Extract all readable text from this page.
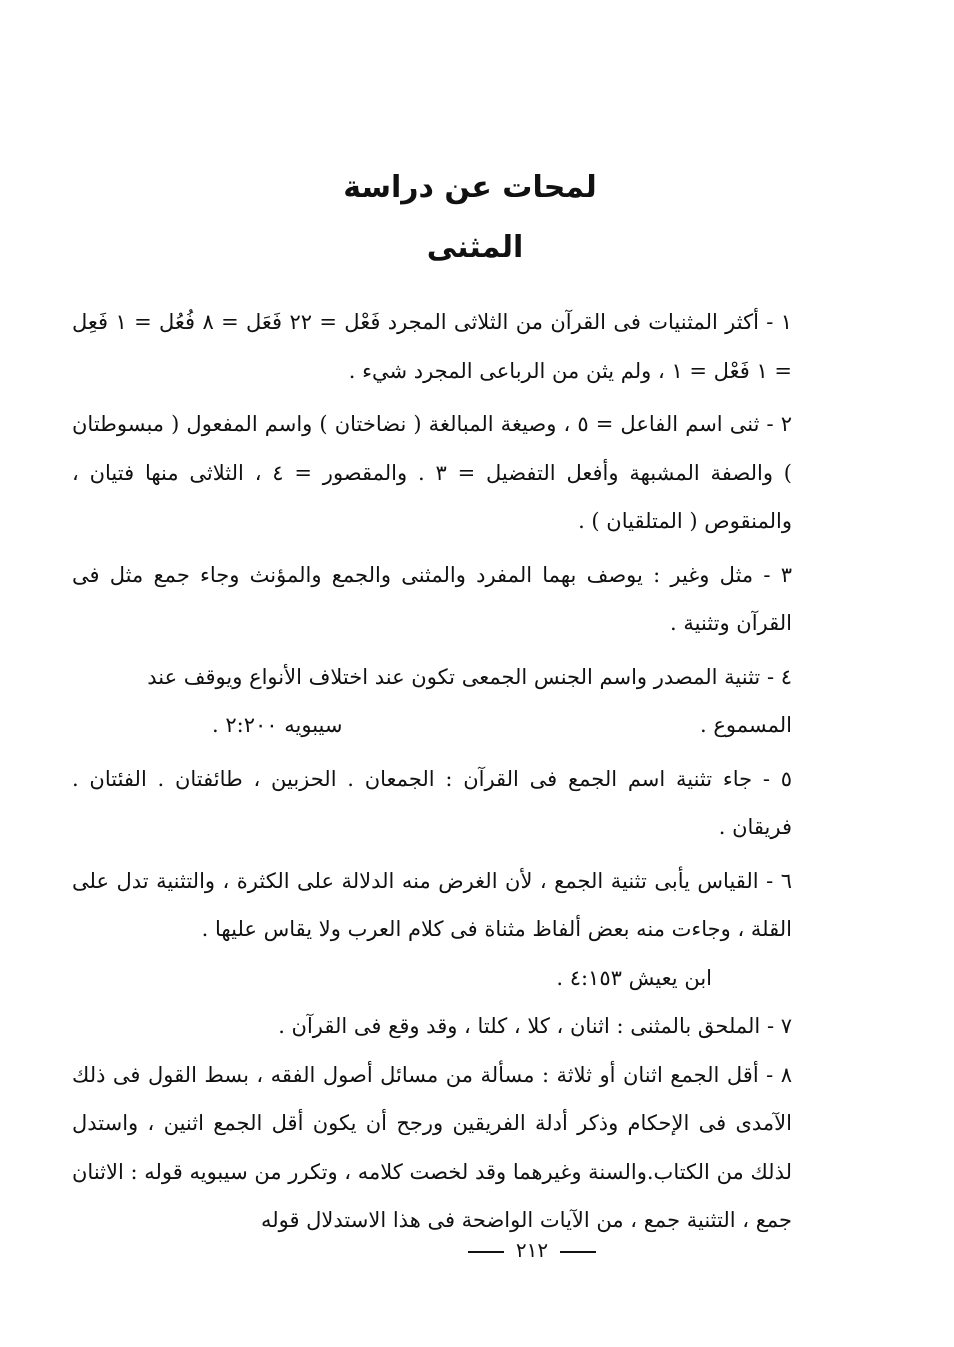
لمحات عن دراسة
المثنى

١ - أكثر المثنيات فى القرآن من الثلاثى المجرد فَعْل = ٢٢ فَعَل = ٨ فُعُل = ١ فَعِل = ١ فَعْل = ١ ، ولم يثن من الرباعى المجرد شيء .

٢ - ثنى اسم الفاعل = ٥ ، وصيغة المبالغة ( نضاختان ) واسم المفعول ( مبسوطتان ) والصفة المشبهة وأفعل التفضيل = ٣ . والمقصور = ٤ ، الثلاثى منها فتيان ، والمنقوص ( المتلقيان ) .

٣ - مثل وغير : يوصف بهما المفرد والمثنى والجمع والمؤنث وجاء جمع مثل فى القرآن وتثنية .

٤ - تثنية المصدر واسم الجنس الجمعى تكون عند اختلاف الأنواع ويوقف عند
المسموع .
سيبويه ٢:٢٠٠ .

٥ - جاء تثنية اسم الجمع فى القرآن : الجمعان . الحزبين ، طائفتان . الفئتان . فريقان .

٦ - القياس يأبى تثنية الجمع ، لأن الغرض منه الدلالة على الكثرة ، والتثنية تدل على القلة ، وجاءت منه بعض ألفاظ مثناة فى كلام العرب ولا يقاس عليها .
ابن يعيش ٤:١٥٣ .

٧ - الملحق بالمثنى : اثنان ، كلا ، كلتا ، وقد وقع فى القرآن .

٨ - أقل الجمع اثنان أو ثلاثة : مسألة من مسائل أصول الفقه ، بسط القول فى ذلك الآمدى فى الإحكام وذكر أدلة الفريقين ورجح أن يكون أقل الجمع اثنين ، واستدل لذلك من الكتاب.والسنة وغيرهما وقد لخصت كلامه ، وتكرر من سيبويه قوله : الاثنان جمع ، التثنية جمع ، من الآيات الواضحة فى هذا الاستدلال قوله

٢١٢
